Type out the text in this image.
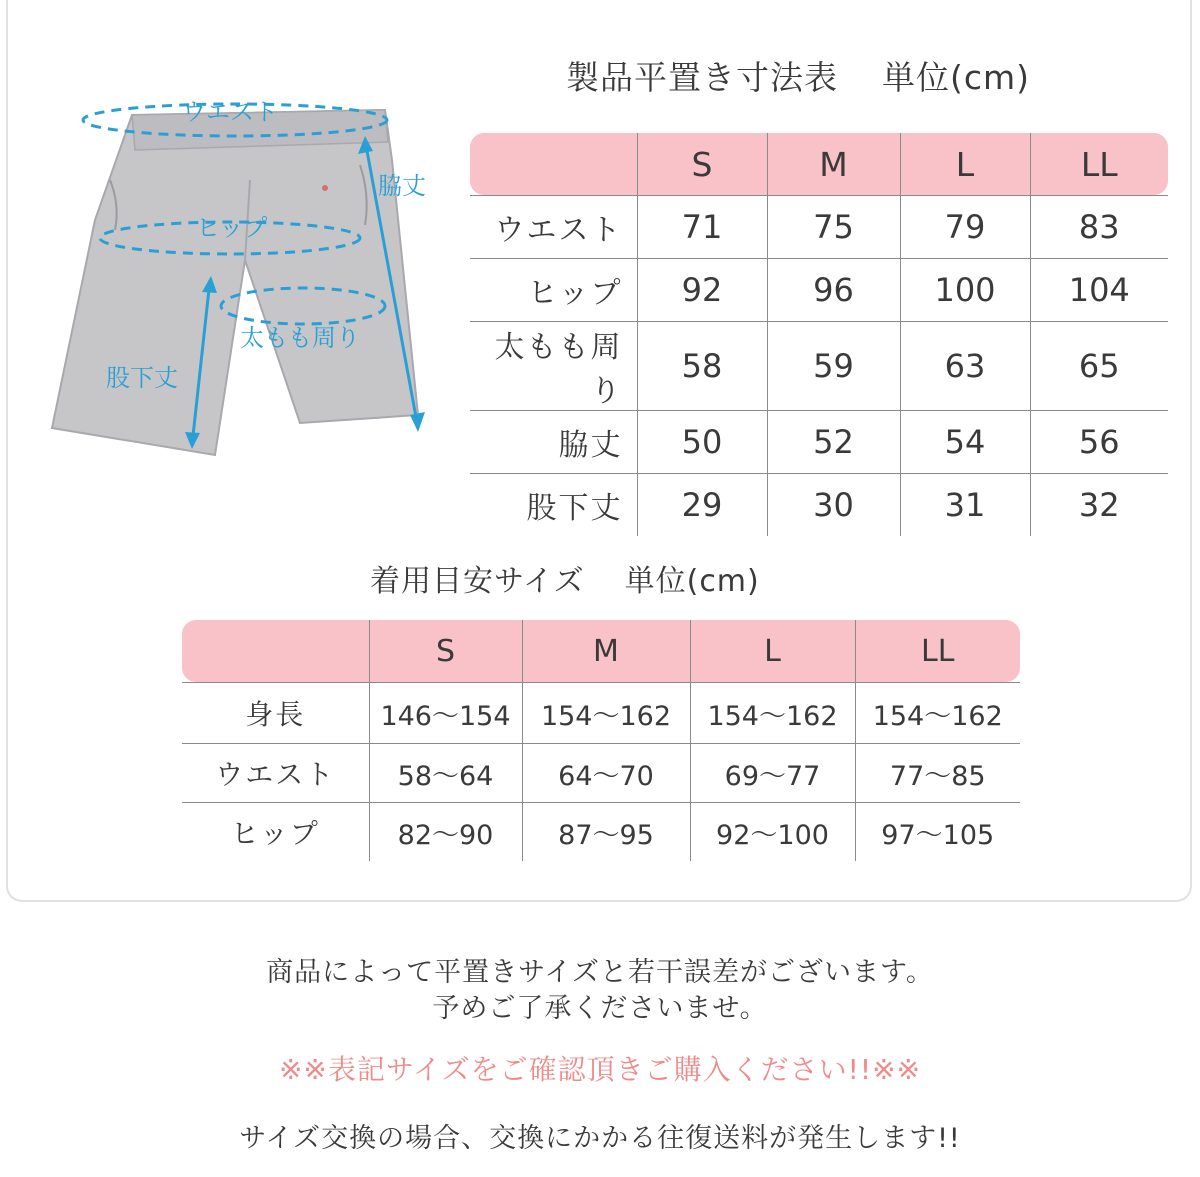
ウエスト
ヒップ
太もも周り
脇丈
股下丈
製品平置き寸法表 単位(cm)
	S	M	L	LL
ウエスト	71	75	79	83
ヒップ	92	96	100	104
太もも周り	58	59	63	65
脇丈	50	52	54	56
股下丈	29	30	31	32
着用目安サイズ 単位(cm)
	S	M	L	LL
身長	146〜154	154〜162	154〜162	154〜162
ウエスト	58〜64	64〜70	69〜77	77〜85
ヒップ	82〜90	87〜95	92〜100	97〜105
商品によって平置きサイズと若干誤差がございます。
予めご了承くださいませ。
※※表記サイズをご確認頂きご購入ください!!※※
サイズ交換の場合、交換にかかる往復送料が発生します!!
